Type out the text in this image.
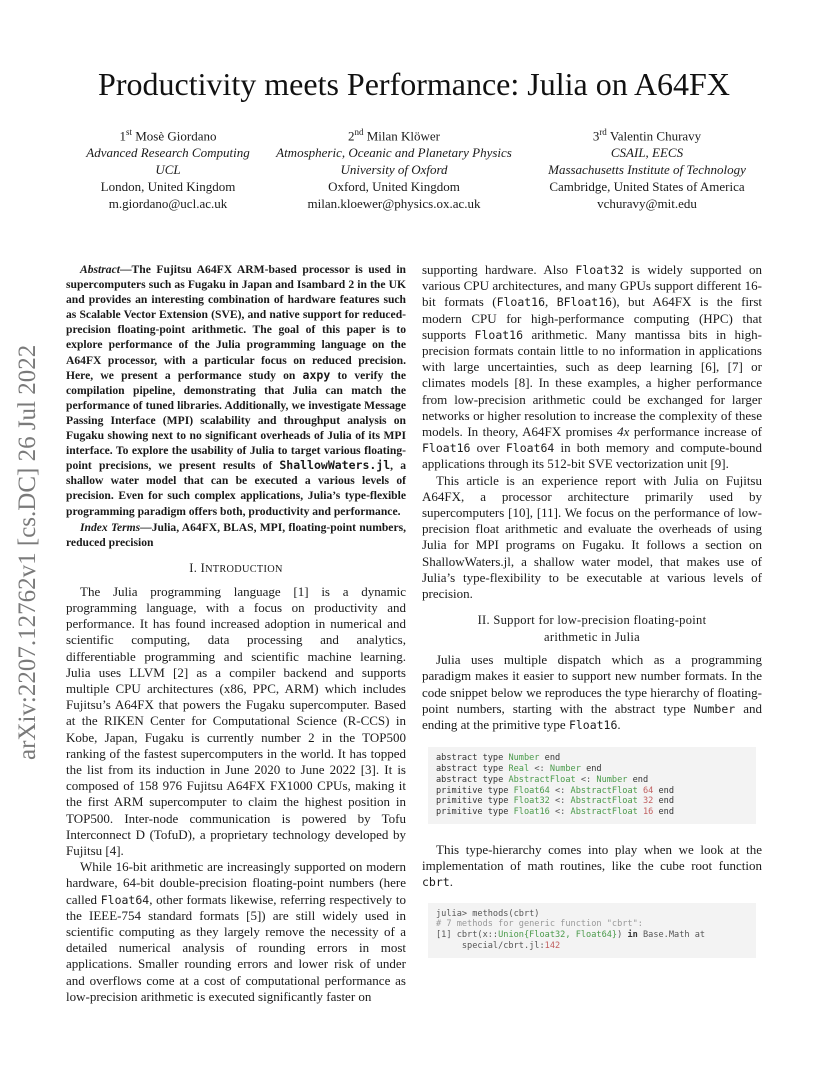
arXiv:2207.12762v1 [cs.DC] 26 Jul 2022
Productivity meets Performance: Julia on A64FX
1st Mosè Giordano
Advanced Research Computing
UCL
London, United Kingdom
m.giordano@ucl.ac.uk
2nd Milan Klöwer
Atmospheric, Oceanic and Planetary Physics
University of Oxford
Oxford, United Kingdom
milan.kloewer@physics.ox.ac.uk
3rd Valentin Churavy
CSAIL, EECS
Massachusetts Institute of Technology
Cambridge, United States of America
vchuravy@mit.edu

Abstract—The Fujitsu A64FX ARM-based processor is used in supercomputers such as Fugaku in Japan and Isambard 2 in the UK and provides an interesting combination of hardware features such as Scalable Vector Extension (SVE), and native support for reduced-precision floating-point arithmetic. The goal of this paper is to explore performance of the Julia programming language on the A64FX processor, with a particular focus on reduced precision. Here, we present a performance study on axpy to verify the compilation pipeline, demonstrating that Julia can match the performance of tuned libraries. Additionally, we investigate Message Passing Interface (MPI) scalability and throughput analysis on Fugaku showing next to no significant overheads of Julia of its MPI interface. To explore the usability of Julia to target various floating-point precisions, we present results of ShallowWaters.jl, a shallow water model that can be executed a various levels of precision. Even for such complex applications, Julia’s type-flexible programming paradigm offers both, productivity and performance.

Index Terms—Julia, A64FX, BLAS, MPI, floating-point numbers, reduced precision

I. INTRODUCTION

The Julia programming language [1] is a dynamic programming language, with a focus on productivity and performance. It has found increased adoption in numerical and scientific computing, data processing and analytics, differentiable programming and scientific machine learning. Julia uses LLVM [2] as a compiler backend and supports multiple CPU architectures (x86, PPC, ARM) which includes Fujitsu’s A64FX that powers the Fugaku supercomputer. Based at the RIKEN Center for Computational Science (R-CCS) in Kobe, Japan, Fugaku is currently number 2 in the TOP500 ranking of the fastest supercomputers in the world. It has topped the list from its induction in June 2020 to June 2022 [3]. It is composed of 158 976 Fujitsu A64FX FX1000 CPUs, making it the first ARM supercomputer to claim the highest position in TOP500. Inter-node communication is powered by Tofu Interconnect D (TofuD), a proprietary technology developed by Fujitsu [4].

While 16-bit arithmetic are increasingly supported on modern hardware, 64-bit double-precision floating-point numbers (here called Float64, other formats likewise, referring respectively to the IEEE-754 standard formats [5]) are still widely used in scientific computing as they largely remove the necessity of a detailed numerical analysis of rounding errors in most applications. Smaller rounding errors and lower risk of under and overflows come at a cost of computational performance as low-precision arithmetic is executed significantly faster on

supporting hardware. Also Float32 is widely supported on various CPU architectures, and many GPUs support different 16-bit formats (Float16, BFloat16), but A64FX is the first modern CPU for high-performance computing (HPC) that supports Float16 arithmetic. Many mantissa bits in high-precision formats contain little to no information in applications with large uncertainties, such as deep learning [6], [7] or climates models [8]. In these examples, a higher performance from low-precision arithmetic could be exchanged for larger networks or higher resolution to increase the complexity of these models. In theory, A64FX promises 4x performance increase of Float16 over Float64 in both memory and compute-bound applications through its 512-bit SVE vectorization unit [9].

This article is an experience report with Julia on Fujitsu A64FX, a processor architecture primarily used by supercomputers [10], [11]. We focus on the performance of low-precision float arithmetic and evaluate the overheads of using Julia for MPI programs on Fugaku. It follows a section on ShallowWaters.jl, a shallow water model, that makes use of Julia’s type-flexibility to be executable at various levels of precision.

II. Support for low-precision floating-point
arithmetic in Julia

Julia uses multiple dispatch which as a programming paradigm makes it easier to support new number formats. In the code snippet below we reproduces the type hierarchy of floating-point numbers, starting with the abstract type Number and ending at the primitive type Float16.

abstract type Number end
abstract type Real <: Number end
abstract type AbstractFloat <: Number end
primitive type Float64 <: AbstractFloat 64 end
primitive type Float32 <: AbstractFloat 32 end
primitive type Float16 <: AbstractFloat 16 end

This type-hierarchy comes into play when we look at the implementation of math routines, like the cube root function cbrt.

julia> methods(cbrt)
# 7 methods for generic function "cbrt":
[1] cbrt(x::Union{Float32, Float64}) in Base.Math at
special/cbrt.jl:142
